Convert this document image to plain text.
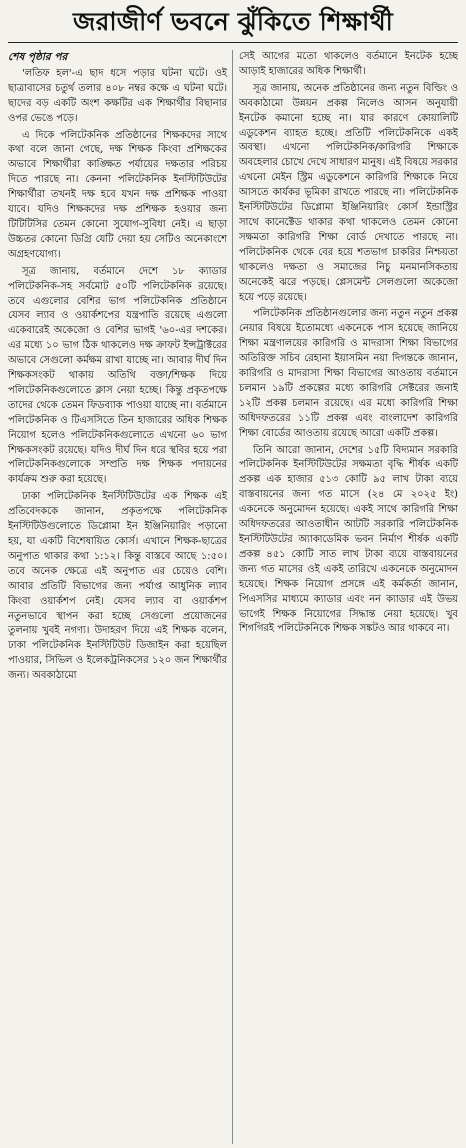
জরাজীর্ণ ভবনে ঝুঁকিতে শিক্ষার্থী

শেষ পৃষ্ঠার পর

'লতিফ হল'-এ ছাদ ধসে পড়ার ঘটনা ঘটে। ওই ছাত্রাবাসের চতুর্থ তলার ৪০৮ নম্বর কক্ষে এ ঘটনা ঘটে। ছাদের বড় একটি অংশ কক্ষটির এক শিক্ষার্থীর বিছানার ওপর ভেঙে পড়ে।

এ দিকে পলিটেকনিক প্রতিষ্ঠানের শিক্ষকদের সাথে কথা বলে জানা গেছে, দক্ষ শিক্ষক কিংবা প্রশিক্ষকের অভাবে শিক্ষার্থীরা কাঙ্ক্ষিত পর্যায়ের দক্ষতার পরিচয় দিতে পারছে না। কেননা পলিটেকনিক ইনস্টিটিউটের শিক্ষার্থীরা তখনই দক্ষ হবে যখন দক্ষ প্রশিক্ষক পাওয়া যাবে। যদিও শিক্ষকদের দক্ষ প্রশিক্ষক হওয়ার জন্য টিটিটিসির তেমন কোনো সুযোগ-সুবিধা নেই। এ ছাড়া উচ্চতর কোনো ডিগ্রি যেটি দেয়া হয় সেটিও অনেকাংশে অগ্রহণযোগ্য।

সূত্র জানায়, বর্তমানে দেশে ১৮ ক্যাডার পলিটেকনিক-সহ সর্বমোট ৫০টি পলিটেকনিক রয়েছে। তবে এগুলোর বেশির ভাগ পলিটেকনিক প্রতিষ্ঠানে যেসব ল্যাব ও ওয়ার্কশপের যন্ত্রপাতি রয়েছে এগুলো একেবারেই অকেজো ও বেশির ভাগই '৬০-এর দশকের। এর মধ্যে ১০ ভাগ ঠিক থাকলেও দক্ষ ক্রাফট ইন্সট্রাক্টরের অভাবে সেগুলো কর্মক্ষম রাখা যাচ্ছে না। আবার দীর্ঘ দিন শিক্ষকসংকট থাকায় অতিথি বক্তা/শিক্ষক দিয়ে পলিটেকনিকগুলোতে ক্লাস নেয়া হচ্ছে। কিন্তু প্রকৃতপক্ষে তাদের থেকে তেমন ফিডব্যাক পাওয়া যাচ্ছে না। বর্তমানে পলিটেকনিক ও টিএসসিতে তিন হাজারের অধিক শিক্ষক নিয়োগ হলেও পলিটেকনিকগুলোতে এখনো ৬০ ভাগ শিক্ষকসংকট রয়েছে। যদিও দীর্ঘ দিন ধরে স্থবির হয়ে পরা পলিটেকনিকগুলোকে সম্প্রতি দক্ষ শিক্ষক পদায়নের কার্যক্রম শুরু করা হয়েছে।

ঢাকা পলিটেকনিক ইনস্টিটিউটের এক শিক্ষক এই প্রতিবেদককে জানান, প্রকৃতপক্ষে পলিটেকনিক ইনস্টিটিউগুলোতে ডিপ্লোমা ইন ইঞ্জিনিয়ারিং পড়ানো হয়, যা একটি বিশেষায়িত কোর্স। এখানে শিক্ষক-ছাত্রের অনুপাত থাকার কথা ১:১২। কিন্তু বাস্তবে আছে ১:৫০। তবে অনেক ক্ষেত্রে এই অনুপাত এর চেয়েও বেশি। আবার প্রতিটি বিভাগের জন্য পর্যাপ্ত আধুনিক ল্যাব কিংবা ওয়ার্কশপ নেই। যেসব ল্যাব বা ওয়ার্কশপ নতুনভাবে স্থাপন করা হচ্ছে সেগুলো প্রয়োজনের তুলনায় খুবই নগণ্য। উদাহরণ দিয়ে এই শিক্ষক বলেন, ঢাকা পলিটেকনিক ইনস্টিটিউট ডিজাইন করা হয়েছিল পাওয়ার, সিভিল ও ইলেকট্রনিকসের ১২০ জন শিক্ষার্থীর জন্য। অবকাঠামো

সেই আগের মতো থাকলেও বর্তমানে ইনটেক হচ্ছে আড়াই হাজারের অধিক শিক্ষার্থী।

সূত্র জানায়, অনেক প্রতিষ্ঠানের জন্য নতুন বিল্ডিং ও অবকাঠামো উন্নয়ন প্রকল্প নিলেও আসন অনুযায়ী ইনটেক কমানো হচ্ছে না। যার কারণে কোয়ালিটি এডুকেশন ব্যাহত হচ্ছে। প্রতিটি পলিটেকনিকে একই অবস্থা। এখনো পলিটেকনিক/কারিগরি শিক্ষাকে অবহেলার চোখে দেখে সাধারণ মানুষ। এই বিষয়ে সরকার এখনো মেইন স্ট্রিম এডুকেশনে কারিগরি শিক্ষাকে নিয়ে আসতে কার্যকর ভূমিকা রাখতে পারছে না। পলিটেকনিক ইনস্টিটিউটের ডিপ্লোমা ইঞ্জিনিয়ারিং কোর্স ইন্ডাস্ট্রির সাথে কানেক্টেড থাকার কথা থাকলেও তেমন কোনো সক্ষমতা কারিগরি শিক্ষা বোর্ড দেখাতে পারছে না। পলিটেকনিক থেকে বের হয়ে শতভাগ চাকরির নিশ্চয়তা থাকলেও দক্ষতা ও সমাজের নিচু মনমানসিকতায় অনেকেই ঝরে পড়ছে। প্লেসমেন্ট সেলগুলো অকেজো হয়ে পড়ে রয়েছে।

পলিটেকনিক প্রতিষ্ঠানগুলোর জন্য নতুন নতুন প্রকল্প নেয়ার বিষয়ে ইতোমধ্যে একনেকে পাস হয়েছে জানিয়ে শিক্ষা মন্ত্রণালয়ের কারিগরি ও মাদরাসা শিক্ষা বিভাগের অতিরিক্ত সচিব রেহানা ইয়াসমিন নয়া দিগন্তকে জানান, কারিগরি ও মাদরাসা শিক্ষা বিভাগের আওতায় বর্তমানে চলমান ১৯টি প্রকল্পের মধ্যে কারিগরি সেক্টরের জনাই ১২টি প্রকল্প চলমান রয়েছে। এর মধ্যে কারিগরি শিক্ষা অধিদফতরের ১১টি প্রকল্প এবং বাংলাদেশ কারিগরি শিক্ষা বোর্ডের আওতায় রয়েছে আরো একটি প্রকল্প।

তিনি আরো জানান, দেশের ১৫টি বিদ্যমান সরকারি পলিটেকনিক ইনস্টিটিউটের সক্ষমতা বৃদ্ধি শীর্ষক একটি প্রকল্প এক হাজার ৫১৩ কোটি ৯৫ লাখ টাকা ব্যয়ে বাস্তবায়নের জন্য গত মাসে (২৪ মে ২০২৫ ইং) একনেকে অনুমোদন হয়েছে। একই সাথে কারিগরি শিক্ষা অধিদফতরের আওতাধীন আটটি সরকারি পলিটেকনিক ইনস্টিটিউটের অ্যাকাডেমিক ভবন নির্মাণ শীর্ষক একটি প্রকল্প ৪৫১ কোটি সাত লাখ টাকা ব্যয়ে বাস্তবায়নের জন্য গত মাসের ওই একই তারিখে একনেকে অনুমোদন হয়েছে। শিক্ষক নিয়োগ প্রসঙ্গে এই কর্মকর্তা জানান, পিএসসির মাধ্যমে ক্যাডার এবং নন ক্যাডার এই উভয় ভাগেই শিক্ষক নিয়োগের সিদ্ধান্ত নেয়া হয়েছে। খুব শিগগিরই পলিটেকনিকে শিক্ষক সঙ্কটও আর থাকবে না।
